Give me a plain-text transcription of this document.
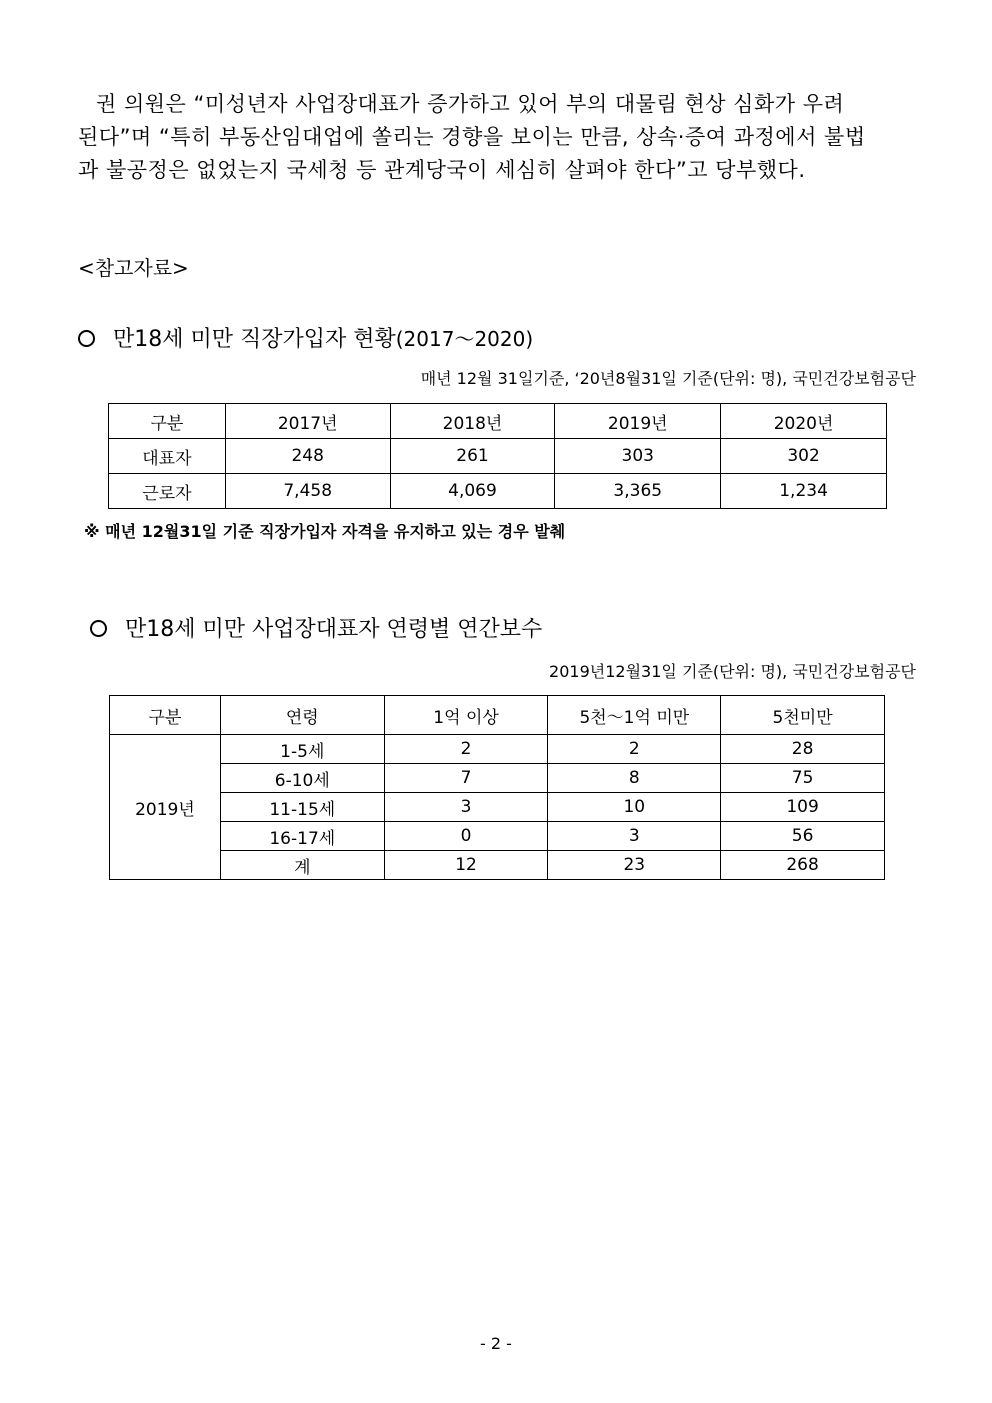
권 의원은 “미성년자 사업장대표가 증가하고 있어 부의 대물림 현상 심화가 우려
된다”며 “특히 부동산임대업에 쏠리는 경향을 보이는 만큼, 상속·증여 과정에서 불법
과 불공정은 없었는지 국세청 등 관계당국이 세심히 살펴야 한다”고 당부했다.
<참고자료>
만18세 미만 직장가입자 현황(2017～2020)
매년 12월 31일기준, ‘20년8월31일 기준(단위: 명), 국민건강보험공단
구분	2017년	2018년	2019년	2020년
대표자	248	261	303	302
근로자	7,458	4,069	3,365	1,234
※ 매년 12월31일 기준 직장가입자 자격을 유지하고 있는 경우 발췌
만18세 미만 사업장대표자 연령별 연간보수
2019년12월31일 기준(단위: 명), 국민건강보험공단
구분	연령	1억 이상	5천～1억 미만	5천미만
2019년	1-5세	2	2	28
	6-10세	7	8	75
	11-15세	3	10	109
	16-17세	0	3	56
	계	12	23	268
- 2 -
